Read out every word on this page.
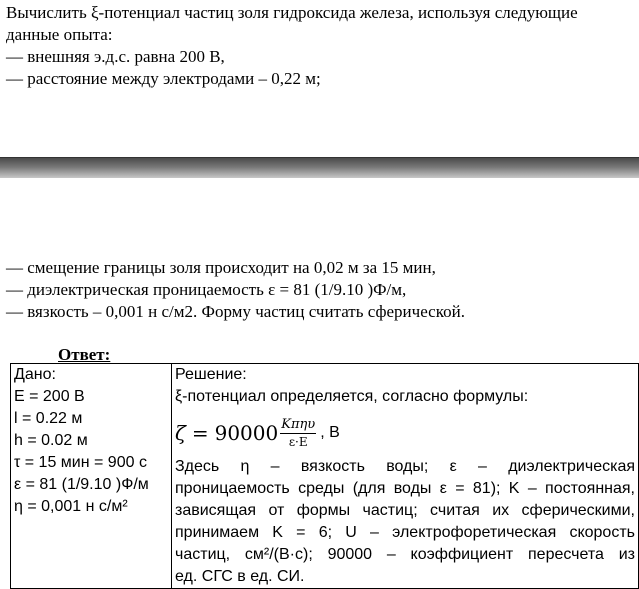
Вычислить ξ-потенциал частиц золя гидроксида железа, используя следующие данные опыта:

— внешняя э.д.с. равна 200 В,

— расстояние между электродами – 0,22 м;

— смещение границы золя происходит на 0,02 м за 15 мин,

— диэлектрическая проницаемость ε = 81 (1/9.10 )Ф/м,

— вязкость – 0,001 н с/м2. Форму частиц считать сферической.

Ответ:
Дано:
E = 200 В
l = 0.22 м
h = 0.02 м
τ = 15 мин = 900 с
ε = 81 (1/9.10 )Ф/м
η = 0,001 н с/м²

Решение:
ξ-потенциал определяется, согласно формулы:
$\zeta = 90000 \frac{\text{Kπηυ}}{\varepsilon\cdot E}$ , В
Здесь η – вязкость воды; ε – диэлектрическая
проницаемость среды (для воды ε = 81); K – постоянная,
зависящая от формы частиц; считая их сферическими,
принимаем K = 6; U – электрофоретическая скорость
частиц, см²/(В·с); 90000 – коэффициент пересчета из
ед. СГС в ед. СИ.
